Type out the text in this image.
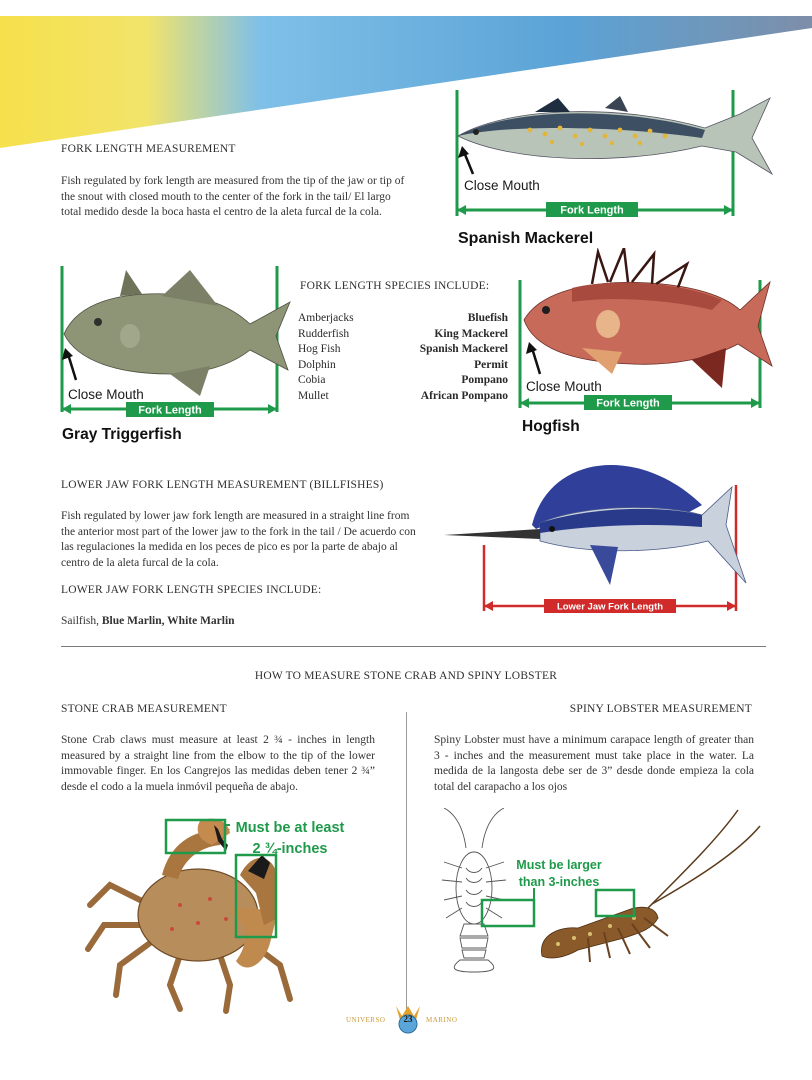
FORK LENGTH MEASUREMENT
Fish regulated by fork length are measured from the tip of the jaw or tip of the snout with closed mouth to the center of the fork in the tail/ El largo total medido desde la boca hasta el centro de la aleta furcal de la cola.
Close Mouth
Fork Length
Spanish Mackerel
Close Mouth
Fork Length
Gray Triggerfish
FORK LENGTH SPECIES INCLUDE:
Amberjacks	Bluefish
Rudderfish	King Mackerel
Hog Fish	Spanish Mackerel
Dolphin	Permit
Cobia	Pompano
Mullet	African Pompano
Close Mouth
Fork Length
Hogfish
LOWER JAW FORK LENGTH MEASUREMENT (BILLFISHES)
Fish regulated by lower jaw fork length are measured in a straight line from the anterior most part of the lower jaw to the fork in the tail / De acuerdo con las regulaciones la medida en los peces de pico es por la parte de abajo al centro de la aleta furcal de la cola.
LOWER JAW FORK LENGTH SPECIES INCLUDE:
Sailfish, Blue Marlin, White Marlin
Lower Jaw Fork Length
HOW TO MEASURE STONE CRAB AND SPINY LOBSTER
STONE CRAB MEASUREMENT
Stone Crab claws must measure at least 2 ¾ - inches in length measured by a straight line from the elbow to the tip of the lower immovable finger. En los Cangrejos las medidas deben tener 2 ¾” desde el codo a la muela inmóvil pequeña de abajo.
Must be at least
2 ¾-inches
SPINY LOBSTER MEASUREMENT
Spiny Lobster must have a minimum carapace length of greater than 3 - inches and the measurement must take place in the water. La medida de la langosta debe ser de 3” desde donde empieza la cola total del carapacho a los ojos
Must be larger
than 3-inches
UNIVERSO	23	MARINO
